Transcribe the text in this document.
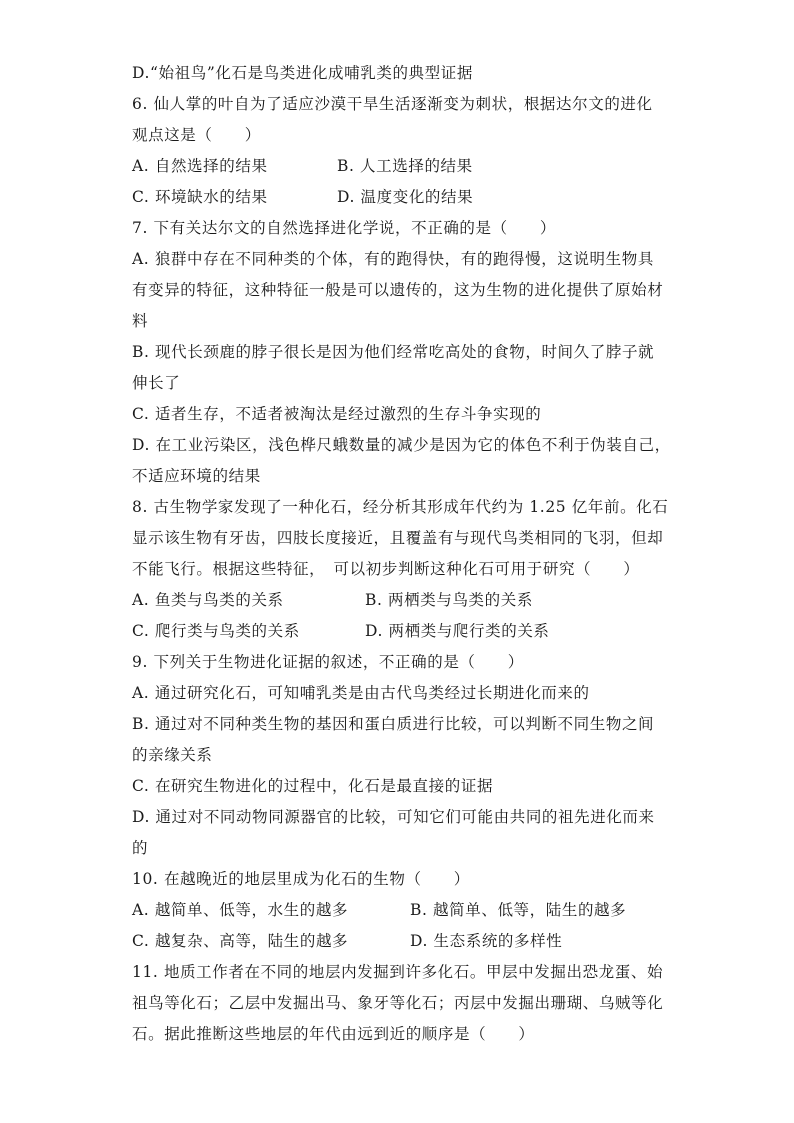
D.“始祖鸟”化石是鸟类进化成哺乳类的典型证据
6. 仙人掌的叶自为了适应沙漠干旱生活逐渐变为刺状，根据达尔文的进化
观点这是（　　）
A. 自然选择的结果	B. 人工选择的结果
C. 环境缺水的结果	D. 温度变化的结果
7. 下有关达尔文的自然选择进化学说，不正确的是（　　）
A. 狼群中存在不同种类的个体，有的跑得快，有的跑得慢，这说明生物具
有变异的特征，这种特征一般是可以遗传的，这为生物的进化提供了原始材
料
B. 现代长颈鹿的脖子很长是因为他们经常吃高处的食物，时间久了脖子就
伸长了
C. 适者生存，不适者被淘汰是经过激烈的生存斗争实现的
D. 在工业污染区，浅色桦尺蛾数量的减少是因为它的体色不利于伪装自己，
不适应环境的结果
8. 古生物学家发现了一种化石，经分析其形成年代约为 1.25 亿年前。化石
显示该生物有牙齿，四肢长度接近，且覆盖有与现代鸟类相同的飞羽，但却
不能飞行。根据这些特征，　可以初步判断这种化石可用于研究（　　）
A. 鱼类与鸟类的关系	B. 两栖类与鸟类的关系
C. 爬行类与鸟类的关系	D. 两栖类与爬行类的关系
9. 下列关于生物进化证据的叙述，不正确的是（　　）
A. 通过研究化石，可知哺乳类是由古代鸟类经过长期进化而来的
B. 通过对不同种类生物的基因和蛋白质进行比较，可以判断不同生物之间
的亲缘关系
C. 在研究生物进化的过程中，化石是最直接的证据
D. 通过对不同动物同源器官的比较，可知它们可能由共同的祖先进化而来
的
10. 在越晚近的地层里成为化石的生物（　　）
A. 越简单、低等，水生的越多	B. 越简单、低等，陆生的越多
C. 越复杂、高等，陆生的越多	D. 生态系统的多样性
11. 地质工作者在不同的地层内发掘到许多化石。甲层中发掘出恐龙蛋、始
祖鸟等化石；乙层中发掘出马、象牙等化石；丙层中发掘出珊瑚、乌贼等化
石。据此推断这些地层的年代由远到近的顺序是（　　）
